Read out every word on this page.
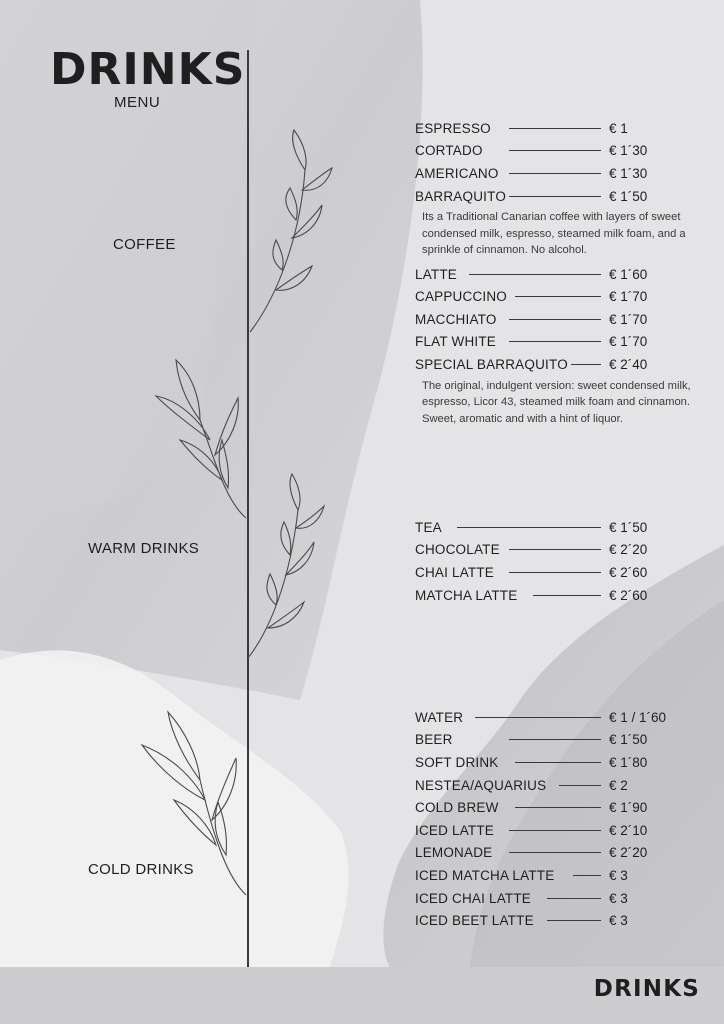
DRINKS
MENU
COFFEE
WARM DRINKS
COLD DRINKS
ESPRESSO	€ 1
CORTADO	€ 1´30
AMERICANO	€ 1´30
BARRAQUITO	€ 1´50
Its a Traditional Canarian coffee with layers of sweet condensed milk, espresso, steamed milk foam, and a sprinkle of cinnamon. No alcohol.
LATTE	€ 1´60
CAPPUCCINO	€ 1´70
MACCHIATO	€ 1´70
FLAT WHITE	€ 1´70
SPECIAL BARRAQUITO	€ 2´40
The original, indulgent version: sweet condensed milk, espresso, Licor 43, steamed milk foam and cinnamon. Sweet, aromatic and with a hint of liquor.
TEA	€ 1´50
CHOCOLATE	€ 2´20
CHAI LATTE	€ 2´60
MATCHA LATTE	€ 2´60
WATER	€ 1 / 1´60
BEER	€ 1´50
SOFT DRINK	€ 1´80
NESTEA/AQUARIUS	€ 2
COLD BREW	€ 1´90
ICED LATTE	€ 2´10
LEMONADE	€ 2´20
ICED MATCHA LATTE	€ 3
ICED CHAI LATTE	€ 3
ICED BEET LATTE	€ 3
DRINKS
